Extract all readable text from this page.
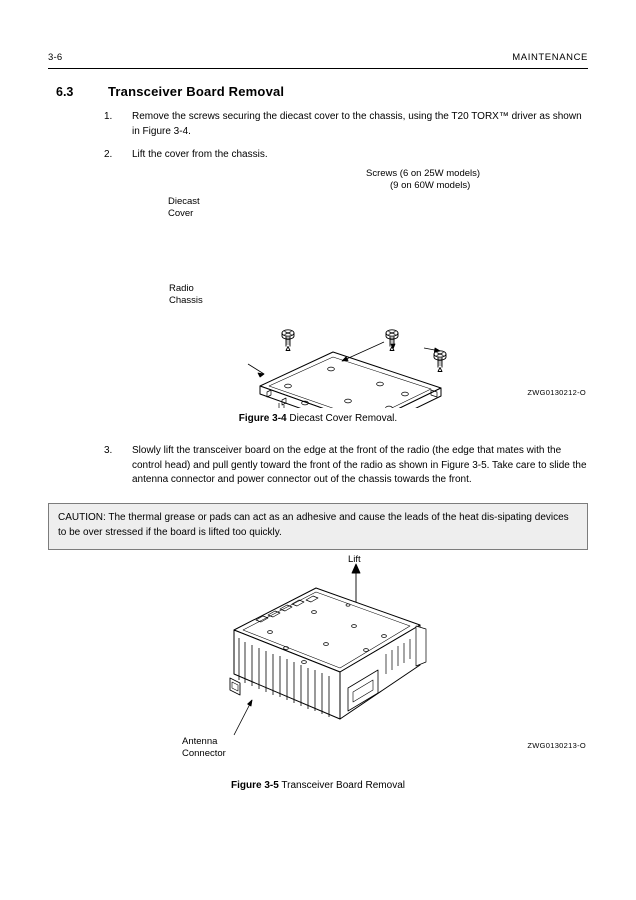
3-6	MAINTENANCE
6.3	Transceiver Board Removal
1.	Remove the screws securing the diecast cover to the chassis, using the T20 TORX™ driver as shown in Figure 3-4.
2.	Lift the cover from the chassis.
Diecast
Cover
Radio
Chassis
Screws (6 on 25W models)
(9 on 60W models)
ZWG0130212-O
Figure 3-4 Diecast Cover Removal.
3.	Slowly lift the transceiver board on the edge at the front of the radio (the edge that mates with the control head) and pull gently toward the front of the radio as shown in Figure 3-5. Take care to slide the antenna connector and power connector out of the chassis towards the front.
CAUTION: The thermal grease or pads can act as an adhesive and cause the leads of the heat dis-sipating devices to be over stressed if the board is lifted too quickly.
Lift
Antenna
Connector
ZWG0130213-O
Figure 3-5 Transceiver Board Removal
